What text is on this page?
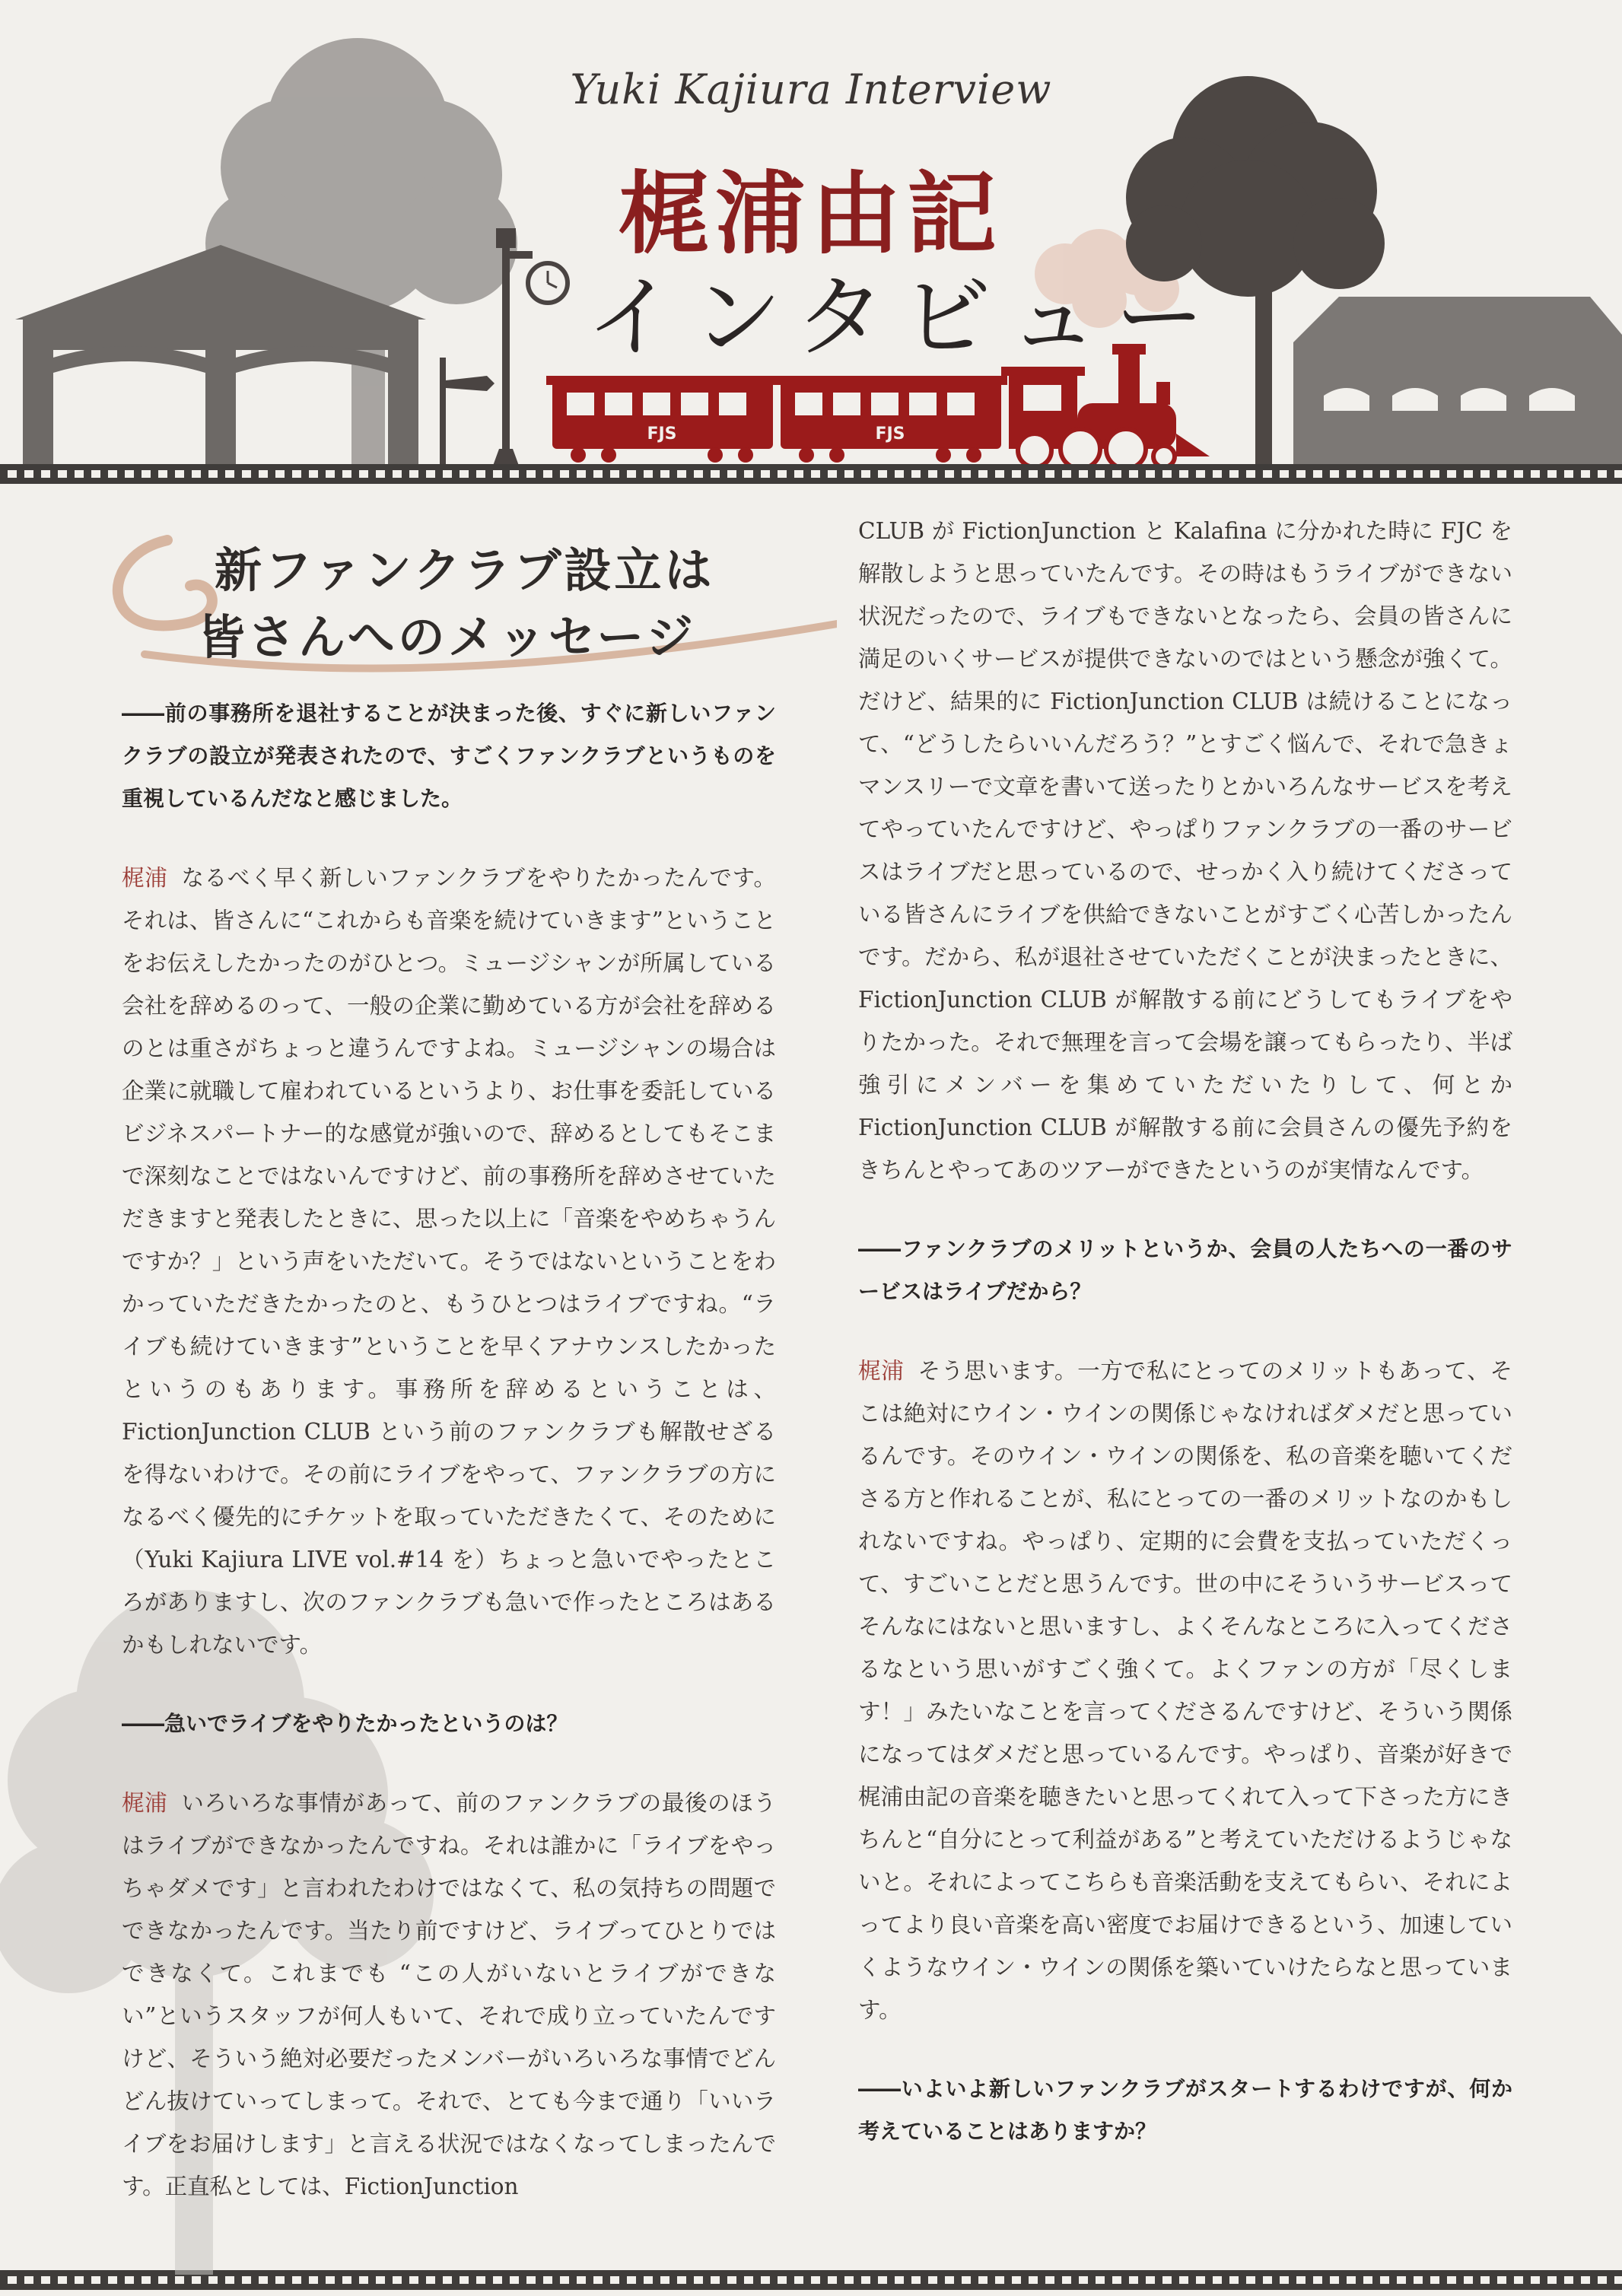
FJS	FJS
Yuki Kajiura Interview
梶浦由記
インタビュー
新ファンクラブ設立は
皆さんへのメッセージ

――前の事務所を退社することが決まった後、すぐに新しいファンクラブの設立が発表されたので、すごくファンクラブというものを重視しているんだなと感じました。

梶浦 なるべく早く新しいファンクラブをやりたかったんです。それは、皆さんに“これからも音楽を続けていきます”ということをお伝えしたかったのがひとつ。ミュージシャンが所属している会社を辞めるのって、一般の企業に勤めている方が会社を辞めるのとは重さがちょっと違うんですよね。ミュージシャンの場合は企業に就職して雇われているというより、お仕事を委託しているビジネスパートナー的な感覚が強いので、辞めるとしてもそこまで深刻なことではないんですけど、前の事務所を辞めさせていただきますと発表したときに、思った以上に「音楽をやめちゃうんですか？」という声をいただいて。そうではないということをわかっていただきたかったのと、もうひとつはライブですね。“ライブも続けていきます”ということを早くアナウンスしたかったというのもあります。事務所を辞めるということは、FictionJunction CLUB という前のファンクラブも解散せざるを得ないわけで。その前にライブをやって、ファンクラブの方になるべく優先的にチケットを取っていただきたくて、そのために（Yuki Kajiura LIVE vol.#14 を）ちょっと急いでやったところがありますし、次のファンクラブも急いで作ったところはあるかもしれないです。

――急いでライブをやりたかったというのは？

梶浦 いろいろな事情があって、前のファンクラブの最後のほうはライブができなかったんですね。それは誰かに「ライブをやっちゃダメです」と言われたわけではなくて、私の気持ちの問題でできなかったんです。当たり前ですけど、ライブってひとりではできなくて。これまでも “この人がいないとライブができない”というスタッフが何人もいて、それで成り立っていたんですけど、そういう絶対必要だったメンバーがいろいろな事情でどんどん抜けていってしまって。それで、とても今まで通り「いいライブをお届けします」と言える状況ではなくなってしまったんです。正直私としては、FictionJunction

CLUB が FictionJunction と Kalafina に分かれた時に FJC を解散しようと思っていたんです。その時はもうライブができない状況だったので、ライブもできないとなったら、会員の皆さんに満足のいくサービスが提供できないのではという懸念が強くて。だけど、結果的に FictionJunction CLUB は続けることになって、“どうしたらいいんだろう？”とすごく悩んで、それで急きょマンスリーで文章を書いて送ったりとかいろんなサービスを考えてやっていたんですけど、やっぱりファンクラブの一番のサービスはライブだと思っているので、せっかく入り続けてくださっている皆さんにライブを供給できないことがすごく心苦しかったんです。だから、私が退社させていただくことが決まったときに、FictionJunction CLUB が解散する前にどうしてもライブをやりたかった。それで無理を言って会場を譲ってもらったり、半ば強引にメンバーを集めていただいたりして、何とか FictionJunction CLUB が解散する前に会員さんの優先予約をきちんとやってあのツアーができたというのが実情なんです。

――ファンクラブのメリットというか、会員の人たちへの一番のサービスはライブだから？

梶浦 そう思います。一方で私にとってのメリットもあって、そこは絶対にウイン・ウインの関係じゃなければダメだと思っているんです。そのウイン・ウインの関係を、私の音楽を聴いてくださる方と作れることが、私にとっての一番のメリットなのかもしれないですね。やっぱり、定期的に会費を支払っていただくって、すごいことだと思うんです。世の中にそういうサービスってそんなにはないと思いますし、よくそんなところに入ってくださるなという思いがすごく強くて。よくファンの方が「尽くします！」みたいなことを言ってくださるんですけど、そういう関係になってはダメだと思っているんです。やっぱり、音楽が好きで梶浦由記の音楽を聴きたいと思ってくれて入って下さった方にきちんと“自分にとって利益がある”と考えていただけるようじゃないと。それによってこちらも音楽活動を支えてもらい、それによってより良い音楽を高い密度でお届けできるという、加速していくようなウイン・ウインの関係を築いていけたらなと思っています。

――いよいよ新しいファンクラブがスタートするわけですが、何か考えていることはありますか？
